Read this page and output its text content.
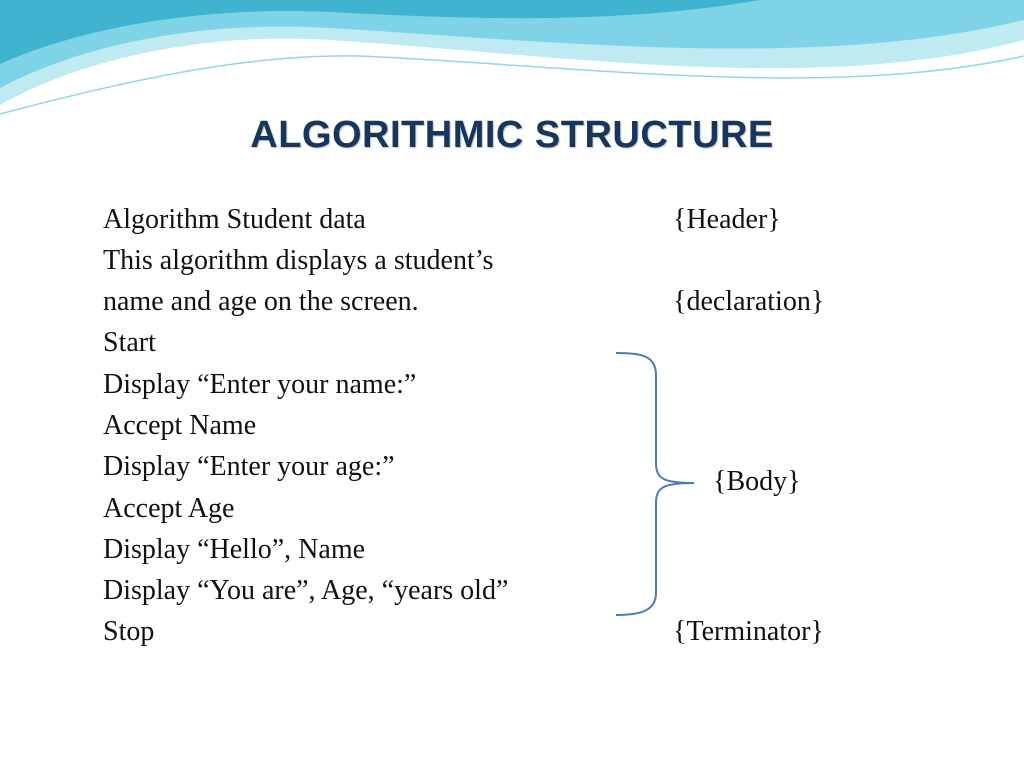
ALGORITHMIC STRUCTURE
Algorithm Student data
This algorithm displays a student’s
name and age on the screen.
Start
Display “Enter your name:”
Accept Name
Display “Enter your age:”
Accept Age
Display “Hello”, Name
Display “You are”, Age, “years old”
Stop
{Header}
{declaration}
{Body}
{Terminator}
